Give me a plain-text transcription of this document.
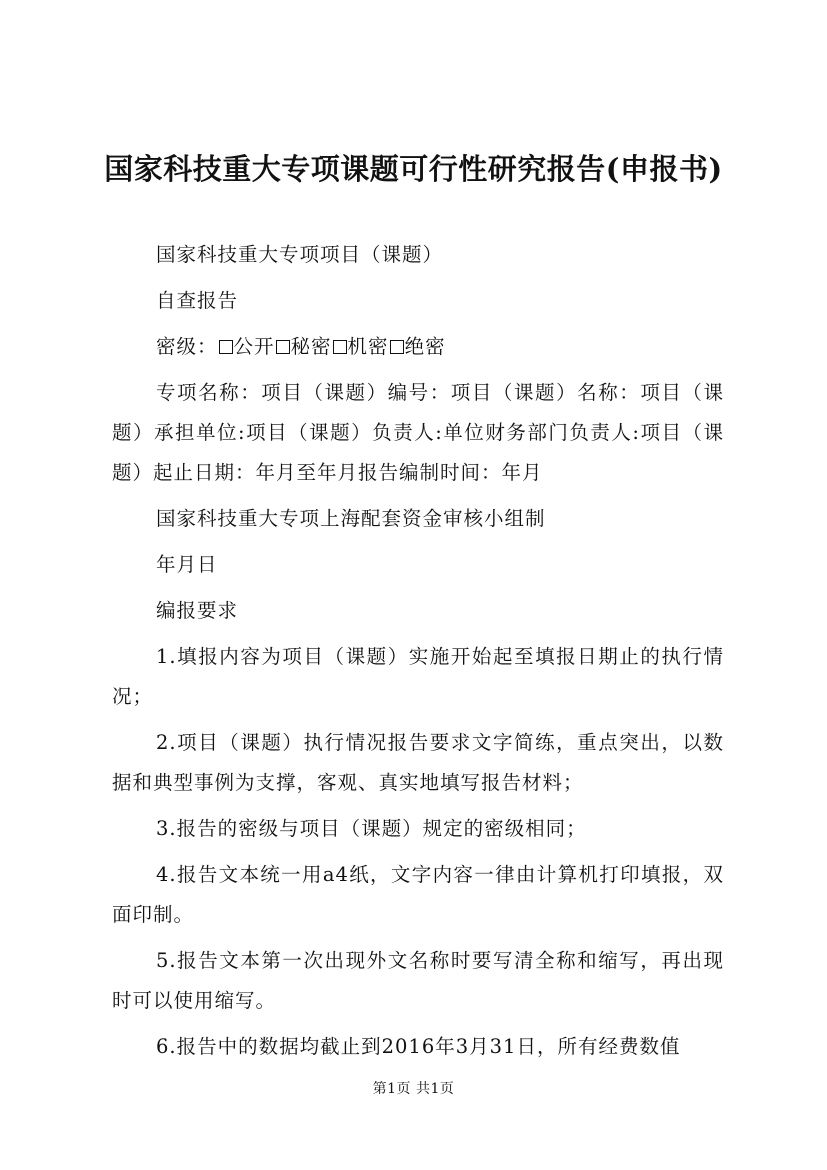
国家科技重大专项课题可行性研究报告(申报书)

国家科技重大专项项目（课题）

自查报告

密级： 公开 秘密 机密 绝密

专项名称：项目（课题）编号：项目（课题）名称：项目（课题）承担单位:项目（课题）负责人:单位财务部门负责人:项目（课题）起止日期：年月至年月报告编制时间：年月

国家科技重大专项上海配套资金审核小组制

年月日

编报要求

1.填报内容为项目（课题）实施开始起至填报日期止的执行情况；

2.项目（课题）执行情况报告要求文字简练，重点突出，以数据和典型事例为支撑，客观、真实地填写报告材料；

3.报告的密级与项目（课题）规定的密级相同；

4.报告文本统一用a4纸，文字内容一律由计算机打印填报，双面印制。

5.报告文本第一次出现外文名称时要写清全称和缩写，再出现时可以使用缩写。

6.报告中的数据均截止到2016年3月31日，所有经费数值

第1页 共1页
